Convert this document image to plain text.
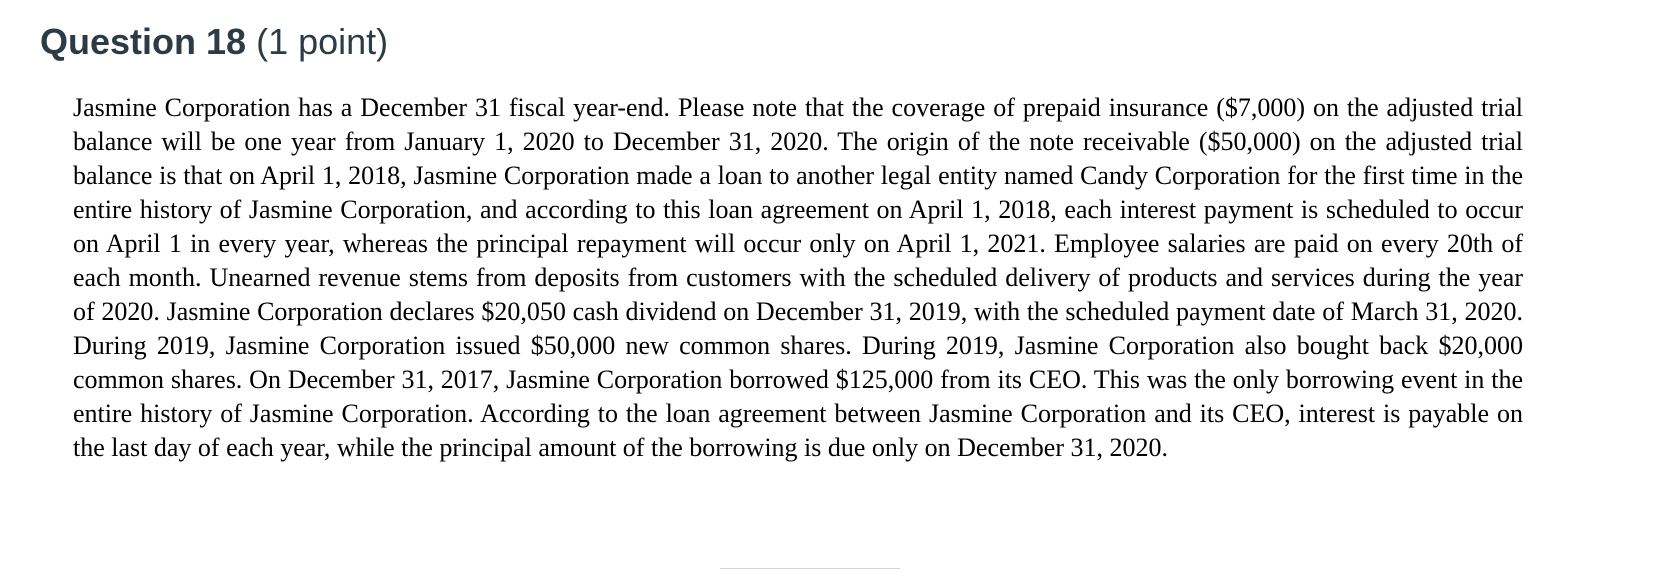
Question 18 (1 point)

Jasmine Corporation has a December 31 fiscal year-end. Please note that the coverage of prepaid insurance ($7,000) on the adjusted trial balance will be one year from January 1, 2020 to December 31, 2020. The origin of the note receivable ($50,000) on the adjusted trial balance is that on April 1, 2018, Jasmine Corporation made a loan to another legal entity named Candy Corporation for the first time in the entire history of Jasmine Corporation, and according to this loan agreement on April 1, 2018, each interest payment is scheduled to occur on April 1 in every year, whereas the principal repayment will occur only on April 1, 2021. Employee salaries are paid on every 20th of each month. Unearned revenue stems from deposits from customers with the scheduled delivery of products and services during the year of 2020. Jasmine Corporation declares $20,050 cash dividend on December 31, 2019, with the scheduled payment date of March 31, 2020. During 2019, Jasmine Corporation issued $50,000 new common shares. During 2019, Jasmine Corporation also bought back $20,000 common shares. On December 31, 2017, Jasmine Corporation borrowed $125,000 from its CEO. This was the only borrowing event in the entire history of Jasmine Corporation. According to the loan agreement between Jasmine Corporation and its CEO, interest is payable on the last day of each year, while the principal amount of the borrowing is due only on December 31, 2020.
